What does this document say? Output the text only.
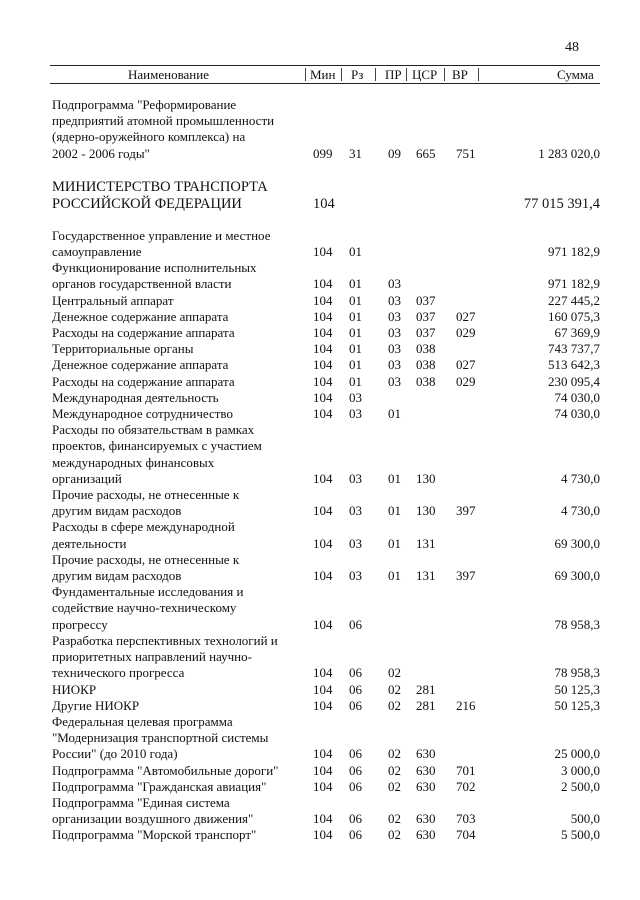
48
Наименование	Мин Рз ПР ЦСР ВР	Сумма
Подпрограмма "Реформирование
предприятий атомной промышленности
(ядерно-оружейного комплекса) на
2002 - 2006 годы"	099 31 09 665 751	1 283 020,0
МИНИСТЕРСТВО ТРАНСПОРТА
РОССИЙСКОЙ ФЕДЕРАЦИИ	104	77 015 391,4
Государственное управление и местное
самоуправление	104 01	971 182,9
Функционирование исполнительных
органов государственной власти	104 01 03	971 182,9
Центральный аппарат	104 01 03 037	227 445,2
Денежное содержание аппарата	104 01 03 037 027	160 075,3
Расходы на содержание аппарата	104 01 03 037 029	67 369,9
Территориальные органы	104 01 03 038	743 737,7
Денежное содержание аппарата	104 01 03 038 027	513 642,3
Расходы на содержание аппарата	104 01 03 038 029	230 095,4
Международная деятельность	104 03	74 030,0
Международное сотрудничество	104 03 01	74 030,0
Расходы по обязательствам в рамках
проектов, финансируемых с участием
международных финансовых
организаций	104 03 01 130	4 730,0
Прочие расходы, не отнесенные к
другим видам расходов	104 03 01 130 397	4 730,0
Расходы в сфере международной
деятельности	104 03 01 131	69 300,0
Прочие расходы, не отнесенные к
другим видам расходов	104 03 01 131 397	69 300,0
Фундаментальные исследования и
содействие научно-техническому
прогрессу	104 06	78 958,3
Разработка перспективных технологий и
приоритетных направлений научно-
технического прогресса	104 06 02	78 958,3
НИОКР	104 06 02 281	50 125,3
Другие НИОКР	104 06 02 281 216	50 125,3
Федеральная целевая программа
"Модернизация транспортной системы
России" (до 2010 года)	104 06 02 630	25 000,0
Подпрограмма "Автомобильные дороги"	104 06 02 630 701	3 000,0
Подпрограмма "Гражданская авиация"	104 06 02 630 702	2 500,0
Подпрограмма "Единая система
организации воздушного движения"	104 06 02 630 703	500,0
Подпрограмма "Морской транспорт"	104 06 02 630 704	5 500,0
